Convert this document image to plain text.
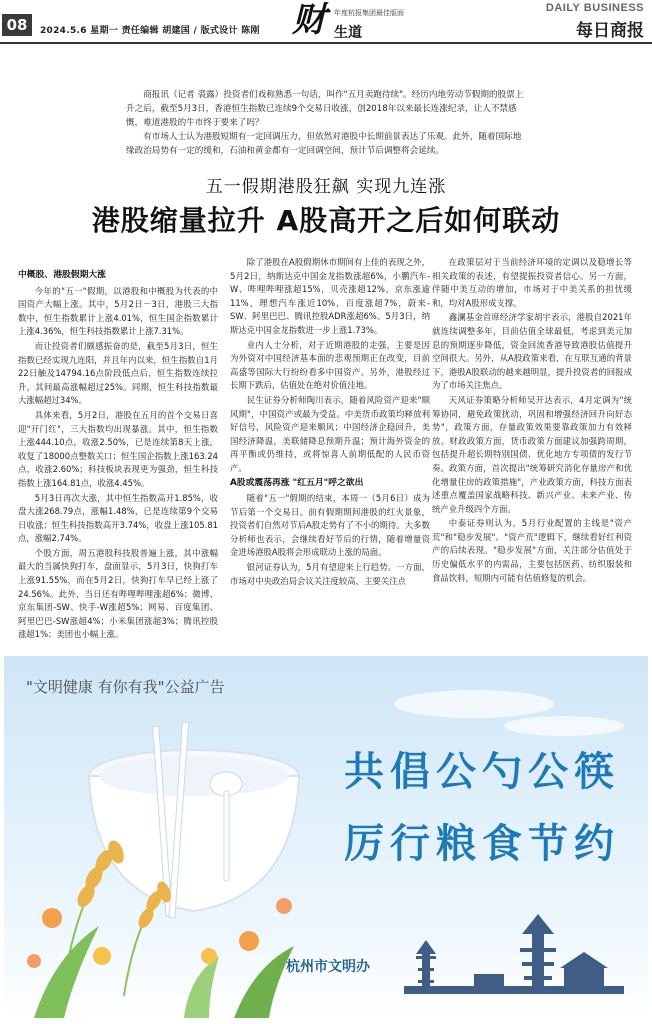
08	2024.5.6 星期一 责任编辑 胡建国 / 版式设计 陈刚 财 年度杭报集团最佳版面
生道
DAILY BUSINESS
每日商报

商报讯（记者 裘露）投资者们戏称熟悉一句话，叫作"五月卖跑待续"。经历内地劳动节假期的股票上升之后，截至5月3日，香港恒生指数已连续9个交易日收涨，创2018年以来最长连涨纪录，让人不禁感慨，难道港股的牛市终于要来了吗？

有市场人士认为港股短期有一定回调压力，但依然对港股中长期前景表达了乐观。此外，随着国际地缘政治局势有一定的缓和，石油和黄金都有一定回调空间，预计节后调整将会延续。

五一假期港股狂飙 实现九连涨
港股缩量拉升 A股高开之后如何联动
中概股、港股假期大涨

今年的"五一"假期，以港股和中概股为代表的中国资产大幅上涨。其中，5月2日－3日，港股三大指数中，恒生指数累计上涨4.01%，恒生国企指数累计上涨4.36%，恒生科技指数累计上涨7.31%。

而让投资者们颇感振奋的是，截至5月3日，恒生指数已经实现九连阳，并且年内以来，恒生指数自1月22日触及14794.16点阶段低点后，恒生指数连续拉升，其间最高涨幅超过25%。同期，恒生科技指数最大涨幅超过34%。

具体来看，5月2日，港股在五月的首个交易日喜迎"开门红"，三大指数均出现暴涨。其中，恒生指数上涨444.10点，收涨2.50%，已是连续第8天上涨，收复了18000点整数关口；恒生国企指数上涨163.24点，收涨2.60%；科技板块表现更为强劲，恒生科技指数上涨164.81点，收涨4.45%。

5月3日再次大涨，其中恒生指数高开1.85%，收盘大涨268.79点，涨幅1.48%，已是连续第9个交易日收涨；恒生科技指数高开3.74%，收盘上涨105.81点，涨幅2.74%。

个股方面，周五港股科技股普遍上涨，其中涨幅最大的当属快狗打车，盘面显示，5月3日，快狗打车上涨91.55%，而在5月2日，快狗打车早已经上涨了24.56%。此外，当日还有哔哩哔哩涨超6%；微博、京东集团-SW、快手-W涨超5%；网易、百度集团、阿里巴巴-SW涨超4%；小米集团涨超3%；腾讯控股涨超1%；美团也小幅上涨。

除了港股在A股假期休市期间有上佳的表现之外，5月2日，纳斯达克中国金龙指数涨超6%，小鹏汽车-W、哔哩哔哩涨超15%，贝壳涨超12%，京东涨逾11%，理想汽车涨近10%，百度涨超7%，蔚来-SW、阿里巴巴、腾讯控股ADR涨超6%。5月3日，纳斯达克中国金龙指数进一步上涨1.73%。

业内人士分析，对于近期港股的走强，主要是因为外资对中国经济基本面的悲观预期正在改变，目前高盛等国际大行纷纷看多中国资产。另外，港股经过长期下跌后，估值处在绝对价值洼地。

民生证券分析师陶川表示，随着风险资产迎来"顺风期"，中国资产或最为受益。中美货币政策均释放利好信号，风险资产迎来顺风；中国经济企稳回升，美国经济降温，美联储降息预期升温；预计海外资金的再平衡或仍维持，或将惊喜人前期低配的人民币资产。

A股或震荡再涨 "红五月"呼之欲出

随着"五一"假期的结束，本周一（5月6日）成为节后第一个交易日。前有假期期间港股的红火景象，投资者们自然对节后A股走势有了不小的期待。大多数分析师也表示，会继续看好节后的行情，随着增量资金进场港股A股将会形成联动上涨的局面。

银河证券认为，5月有望迎来上行趋势。一方面，市场对中央政治局会议关注度较高，主要关注点

在政策层对于当前经济环境的定调以及稳增长等相关政策的表述，有望提振投资者信心。另一方面，伴随中美互动的增加，市场对于中美关系的担忧缓和，均对A股形成支撑。

鑫澜基金首席经济学家胡宇表示，港股自2021年就连续调整多年，目前估值全球最低，考虑到美元加息的预期逐步降低，资金回流香港导致港股估值提升空间很大。另外，从A股政策来看，在互联互通的背景下，港股A股联动的越来越明显，提升投资者的回报成为了市场关注焦点。

天风证券策略分析师吴开达表示，4月定调为"统筹协同，避免政策扰动，巩固和增强经济回升向好态势"，政策方面，存量政策效果要靠政策加力有效释放。财政政策方面，货币政策方面建议加强跨周期，包括提升超长期特别国债、优化地方专项债的发行节奏。政策方面，首次提出"统筹研究消化存量房产和优化增量住房的政策措施"，产业政策方面，科技方面表述重点覆盖国家战略科技、新兴产业、未来产业、传统产业升级四个方面。

中泰证券则认为，5月行业配置的主线是"资产荒"和"稳步发展"。"资产荒"逻辑下，继续看好红利资产的后续表现。"稳步发展"方面，关注部分估值处于历史偏低水平的内需品，主要包括医药、纺织服装和食品饮料，短期内可能有估值修复的机会。

"文明健康 有你有我"公益广告
共倡公勺公筷
厉行粮食节约
杭州市文明办
